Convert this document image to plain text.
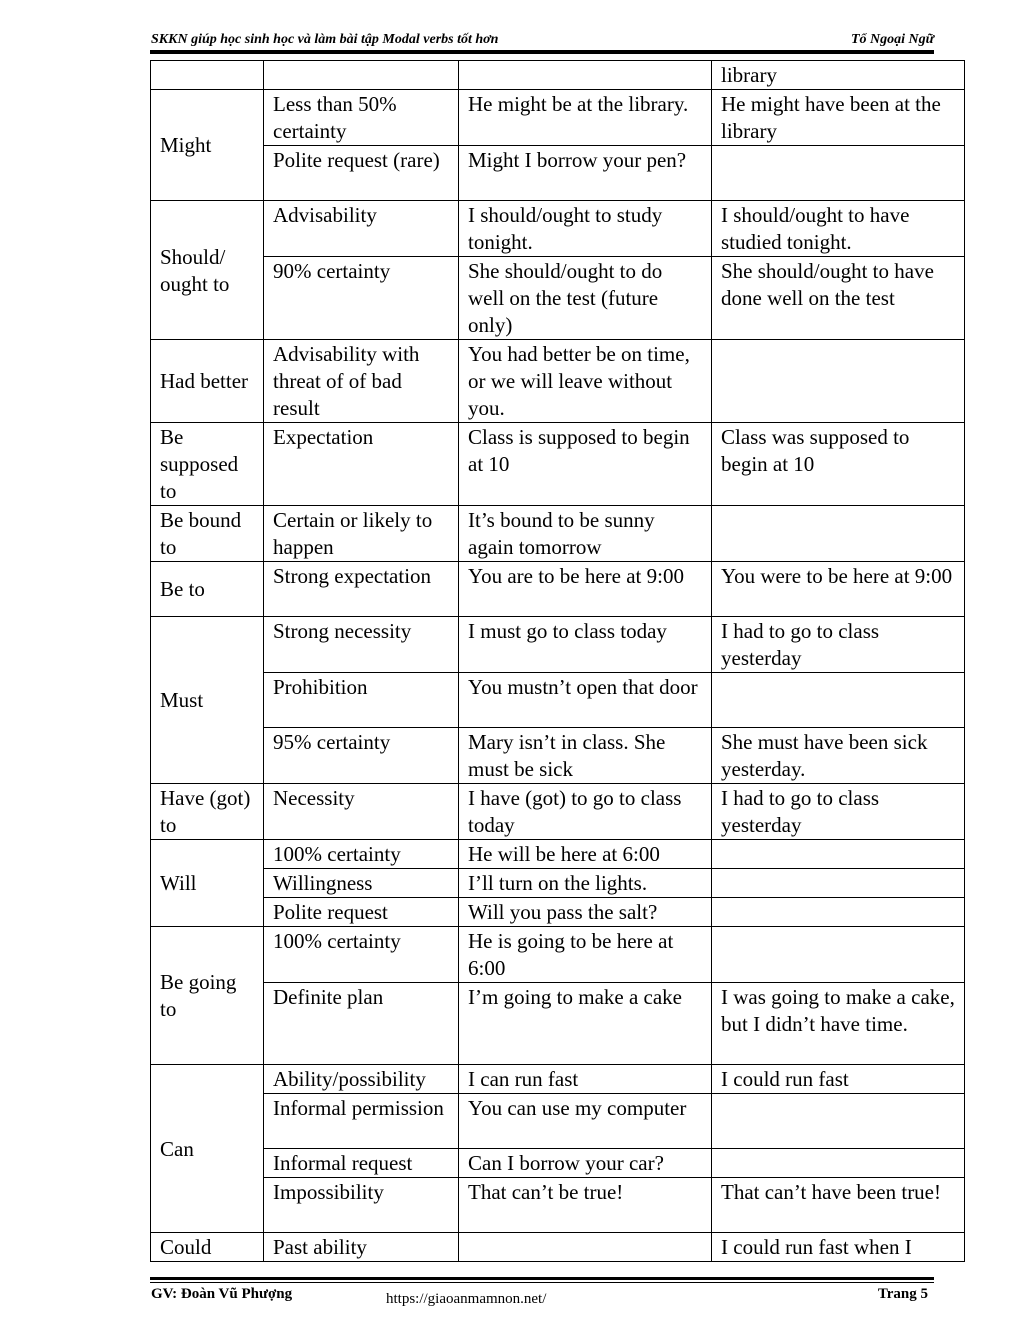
SKKN giúp học sinh học và làm bài tập Modal verbs tốt hơn	Tổ Ngoại Ngữ
			library
Might	Less than 50% certainty	He might be at the library.	He might have been at the library
	Polite request (rare)	Might I borrow your pen?	
Should/ ought to	Advisability	I should/ought to study tonight.	I should/ought to have studied tonight.
	90% certainty	She should/ought to do well on the test (future only)	She should/ought to have done well on the test
Had better	Advisability with threat of of bad result	You had better be on time, or we will leave without you.	
Be supposed to	Expectation	Class is supposed to begin at 10	Class was supposed to begin at 10
Be bound to	Certain or likely to happen	It’s bound to be sunny again tomorrow	
Be to	Strong expectation	You are to be here at 9:00	You were to be here at 9:00
Must	Strong necessity	I must go to class today	I had to go to class yesterday
	Prohibition	You mustn’t open that door	
	95% certainty	Mary isn’t in class. She must be sick	She must have been sick yesterday.
Have (got) to	Necessity	I have (got) to go to class today	I had to go to class yesterday
Will	100% certainty	He will be here at 6:00	
	Willingness	I’ll turn on the lights.	
	Polite request	Will you pass the salt?	
Be going to	100% certainty	He is going to be here at 6:00	
	Definite plan	I’m going to make a cake	I was going to make a cake, but I didn’t have time.
Can	Ability/possibility	I can run fast	I could run fast
	Informal permission	You can use my computer	
	Informal request	Can I borrow your car?	
	Impossibility	That can’t be true!	That can’t have been true!
Could	Past ability		I could run fast when I
GV: Đoàn Vũ Phượng	https://giaoanmamnon.net/	Trang 5
